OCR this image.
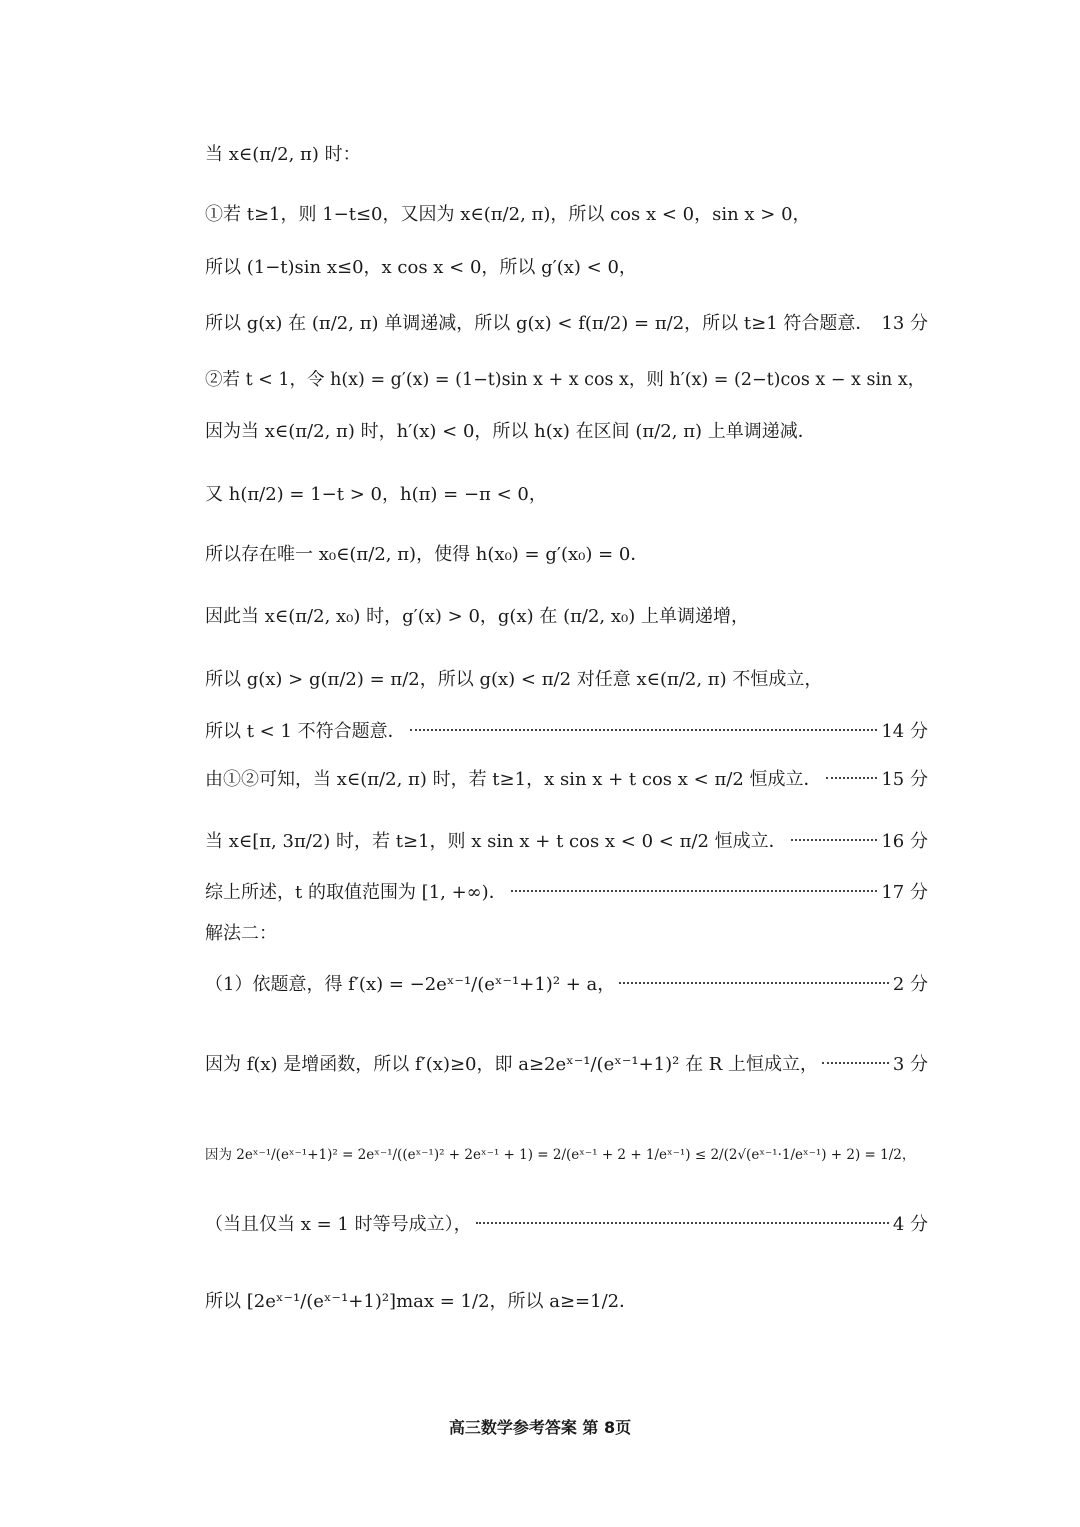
当 x∈(π/2, π) 时：
①若 t≥1，则 1−t≤0，又因为 x∈(π/2, π)，所以 cos x < 0，sin x > 0，
所以 (1−t)sin x≤0，x cos x < 0，所以 g′(x) < 0，
所以 g(x) 在 (π/2, π) 单调递减，所以 g(x) < f(π/2) = π/2，所以 t≥1 符合题意． 13 分
②若 t < 1，令 h(x) = g′(x) = (1−t)sin x + x cos x，则 h′(x) = (2−t)cos x − x sin x，
因为当 x∈(π/2, π) 时，h′(x) < 0，所以 h(x) 在区间 (π/2, π) 上单调递减．
又 h(π/2) = 1−t > 0，h(π) = −π < 0，
所以存在唯一 x₀∈(π/2, π)，使得 h(x₀) = g′(x₀) = 0．
因此当 x∈(π/2, x₀) 时，g′(x) > 0，g(x) 在 (π/2, x₀) 上单调递增，
所以 g(x) > g(π/2) = π/2，所以 g(x) < π/2 对任意 x∈(π/2, π) 不恒成立，
所以 t < 1 不符合题意．	14 分
由①②可知，当 x∈(π/2, π) 时，若 t≥1，x sin x + t cos x < π/2 恒成立．	15 分
当 x∈[π, 3π/2) 时，若 t≥1，则 x sin x + t cos x < 0 < π/2 恒成立．	16 分
综上所述，t 的取值范围为 [1, +∞)．	17 分
解法二：
（1）依题意，得 f′(x) = −2eˣ⁻¹/(eˣ⁻¹+1)² + a，	2 分
因为 f(x) 是增函数，所以 f′(x)≥0，即 a≥2eˣ⁻¹/(eˣ⁻¹+1)² 在 R 上恒成立，	3 分
因为 2eˣ⁻¹/(eˣ⁻¹+1)² = 2eˣ⁻¹/((eˣ⁻¹)² + 2eˣ⁻¹ + 1) = 2/(eˣ⁻¹ + 2 + 1/eˣ⁻¹) ≤ 2/(2√(eˣ⁻¹·1/eˣ⁻¹) + 2) = 1/2，
（当且仅当 x = 1 时等号成立），	4 分
所以 [2eˣ⁻¹/(eˣ⁻¹+1)²]max = 1/2，所以 a≥=1/2．
高三数学参考答案 第 8页
